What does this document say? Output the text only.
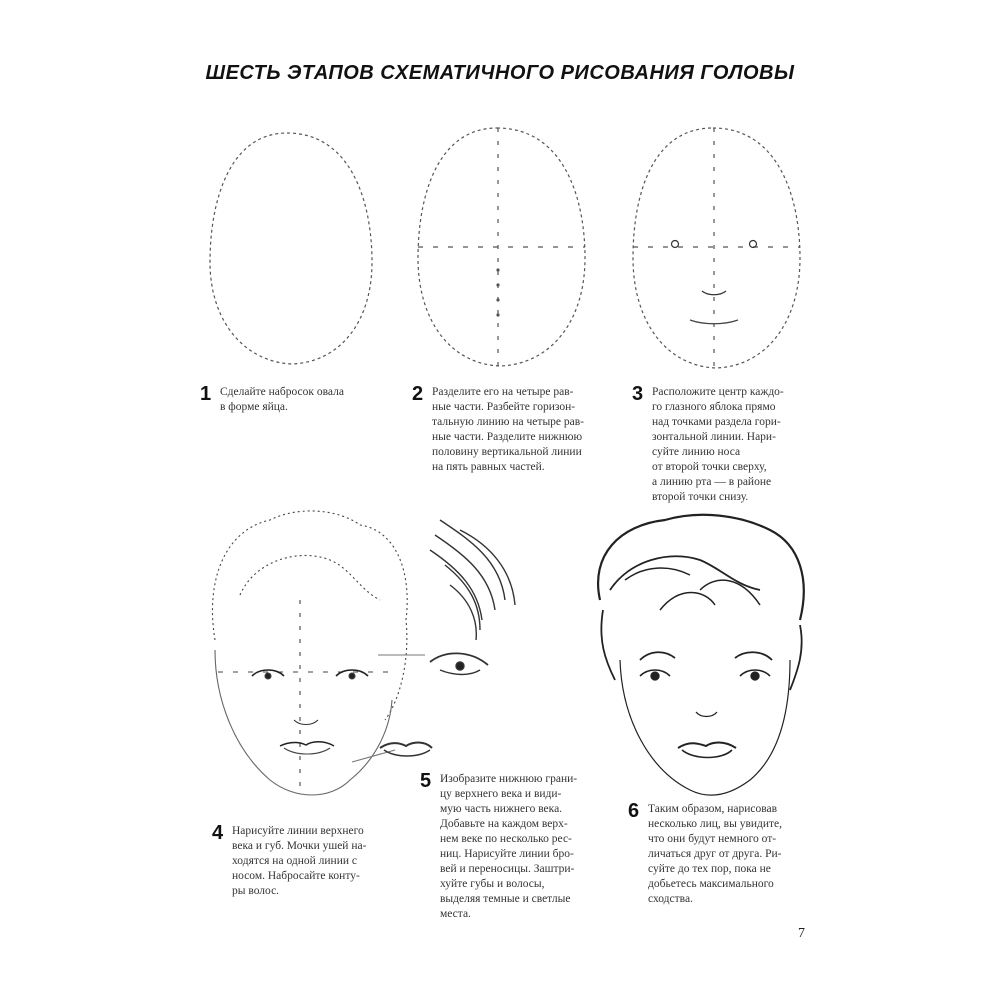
ШЕСТЬ ЭТАПОВ СХЕМАТИЧНОГО РИСОВАНИЯ ГОЛОВЫ
1 Сделайте набросок овала
в форме яйца.
2 Разделите его на четыре рав-
ные части. Разбейте горизон-
тальную линию на четыре рав-
ные части. Разделите нижнюю
половину вертикальной линии
на пять равных частей.
3 Расположите центр каждо-
го глазного яблока прямо
над точками раздела гори-
зонтальной линии. Нари-
суйте линию носа
от второй точки сверху,
а линию рта — в районе
второй точки снизу.
4 Нарисуйте линии верхнего
века и губ. Мочки ушей на-
ходятся на одной линии с
носом. Набросайте конту-
ры волос.
5 Изобразите нижнюю грани-
цу верхнего века и види-
мую часть нижнего века.
Добавьте на каждом верх-
нем веке по несколько рес-
ниц. Нарисуйте линии бро-
вей и переносицы. Заштри-
хуйте губы и волосы,
выделяя темные и светлые
места.
6 Таким образом, нарисовав
несколько лиц, вы увидите,
что они будут немного от-
личаться друг от друга. Ри-
суйте до тех пор, пока не
добьетесь максимального
сходства.
7
